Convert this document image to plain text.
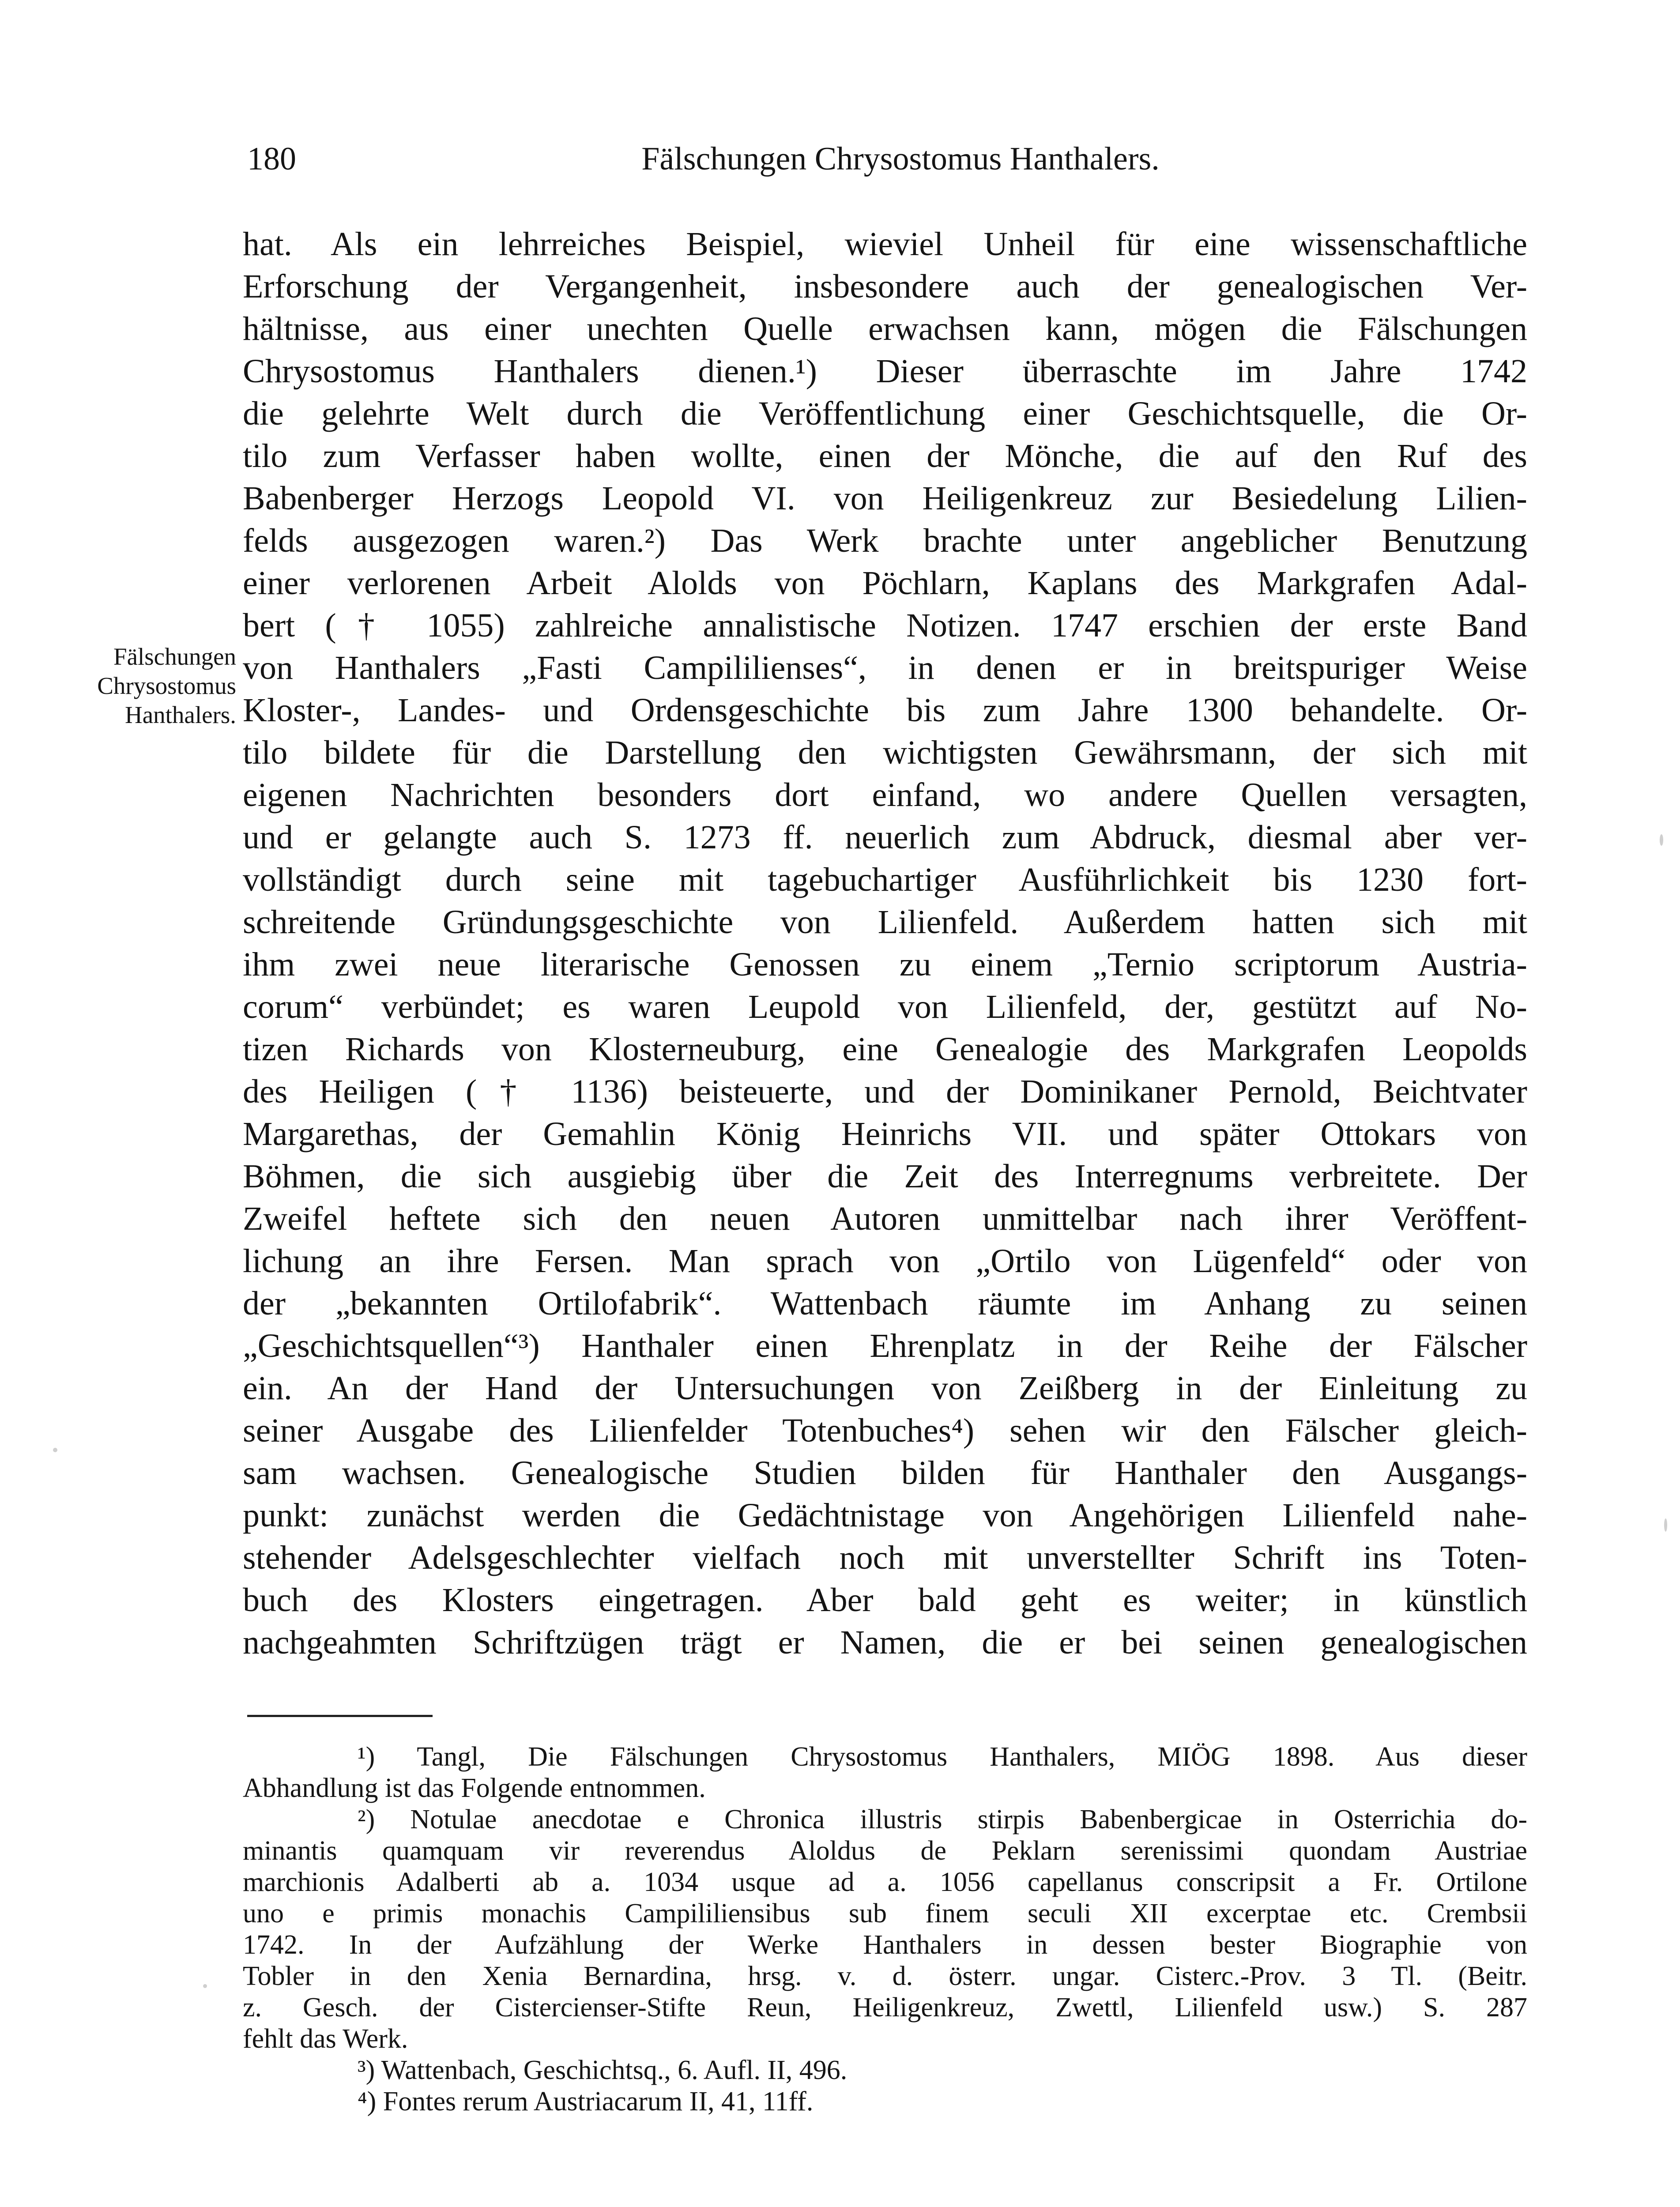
180	Fälschungen Chrysostomus Hanthalers.
Fälschungen
Chrysostomus
Hanthalers.
hat. Als ein lehrreiches Beispiel, wieviel Unheil für eine wissenschaftliche
Erforschung der Vergangenheit, insbesondere auch der genealogischen Ver-
hältnisse, aus einer unechten Quelle erwachsen kann, mögen die Fälschungen
Chrysostomus Hanthalers dienen.¹) Dieser überraschte im Jahre 1742
die gelehrte Welt durch die Veröffentlichung einer Geschichtsquelle, die Or-
tilo zum Verfasser haben wollte, einen der Mönche, die auf den Ruf des
Babenberger Herzogs Leopold VI. von Heiligenkreuz zur Besiedelung Lilien-
felds ausgezogen waren.²) Das Werk brachte unter angeblicher Benutzung
einer verlorenen Arbeit Alolds von Pöchlarn, Kaplans des Markgrafen Adal-
bert († 1055) zahlreiche annalistische Notizen. 1747 erschien der erste Band
von Hanthalers „Fasti Campililienses“, in denen er in breitspuriger Weise
Kloster-, Landes- und Ordensgeschichte bis zum Jahre 1300 behandelte. Or-
tilo bildete für die Darstellung den wichtigsten Gewährsmann, der sich mit
eigenen Nachrichten besonders dort einfand, wo andere Quellen versagten,
und er gelangte auch S. 1273 ff. neuerlich zum Abdruck, diesmal aber ver-
vollständigt durch seine mit tagebuchartiger Ausführlichkeit bis 1230 fort-
schreitende Gründungsgeschichte von Lilienfeld. Außerdem hatten sich mit
ihm zwei neue literarische Genossen zu einem „Ternio scriptorum Austria-
corum“ verbündet; es waren Leupold von Lilienfeld, der, gestützt auf No-
tizen Richards von Klosterneuburg, eine Genealogie des Markgrafen Leopolds
des Heiligen († 1136) beisteuerte, und der Dominikaner Pernold, Beichtvater
Margarethas, der Gemahlin König Heinrichs VII. und später Ottokars von
Böhmen, die sich ausgiebig über die Zeit des Interregnums verbreitete. Der
Zweifel heftete sich den neuen Autoren unmittelbar nach ihrer Veröffent-
lichung an ihre Fersen. Man sprach von „Ortilo von Lügenfeld“ oder von
der „bekannten Ortilofabrik“. Wattenbach räumte im Anhang zu seinen
„Geschichtsquellen“³) Hanthaler einen Ehrenplatz in der Reihe der Fälscher
ein. An der Hand der Untersuchungen von Zeißberg in der Einleitung zu
seiner Ausgabe des Lilienfelder Totenbuches⁴) sehen wir den Fälscher gleich-
sam wachsen. Genealogische Studien bilden für Hanthaler den Ausgangs-
punkt: zunächst werden die Gedächtnistage von Angehörigen Lilienfeld nahe-
stehender Adelsgeschlechter vielfach noch mit unverstellter Schrift ins Toten-
buch des Klosters eingetragen. Aber bald geht es weiter; in künstlich
nachgeahmten Schriftzügen trägt er Namen, die er bei seinen genealogischen
¹) Tangl, Die Fälschungen Chrysostomus Hanthalers, MIÖG 1898. Aus dieser
Abhandlung ist das Folgende entnommen.
²) Notulae anecdotae e Chronica illustris stirpis Babenbergicae in Osterrichia do-
minantis quamquam vir reverendus Aloldus de Peklarn serenissimi quondam Austriae
marchionis Adalberti ab a. 1034 usque ad a. 1056 capellanus conscripsit a Fr. Ortilone
uno e primis monachis Campililiensibus sub finem seculi XII excerptae etc. Crembsii
1742. In der Aufzählung der Werke Hanthalers in dessen bester Biographie von
Tobler in den Xenia Bernardina, hrsg. v. d. österr. ungar. Cisterc.-Prov. 3 Tl. (Beitr.
z. Gesch. der Cistercienser-Stifte Reun, Heiligenkreuz, Zwettl, Lilienfeld usw.) S. 287
fehlt das Werk.
³) Wattenbach, Geschichtsq., 6. Aufl. II, 496.
⁴) Fontes rerum Austriacarum II, 41, 11ff.
